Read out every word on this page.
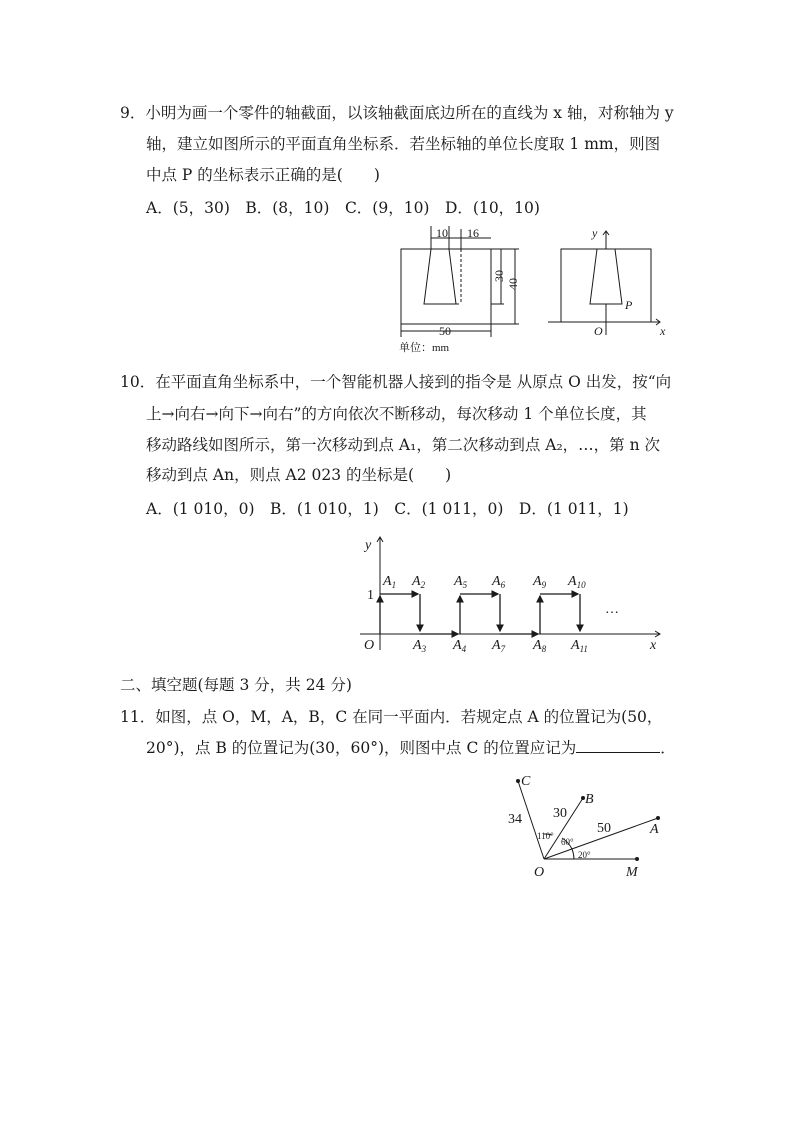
9．小明为画一个零件的轴截面，以该轴截面底边所在的直线为 x 轴，对称轴为 y
轴，建立如图所示的平面直角坐标系．若坐标轴的单位长度取 1 mm，则图
中点 P 的坐标表示正确的是(　　)
A．(5，30)　B．(8，10)　C．(9，10)　D．(10，10)
10 16
30
40
50
单位：mm
y
x
O
P
10．在平面直角坐标系中，一个智能机器人接到的指令是 从原点 O 出发，按“向
上→向右→向下→向右”的方向依次不断移动，每次移动 1 个单位长度，其
移动路线如图所示，第一次移动到点 A₁，第二次移动到点 A₂，…，第 n 次
移动到点 An，则点 A2 023 的坐标是(　　)
A．(1 010，0)　B．(1 010，1)　C．(1 011，0)　D．(1 011，1)
y
x
O
1
$A_1$ $A_2$ $A_5$ $A_6$ $A_9$ $A_{10}$
$A_3$ $A_4$ $A_7$ $A_8$ $A_{11}$
…
二、填空题(每题 3 分，共 24 分)
11．如图，点 O，M，A，B，C 在同一平面内．若规定点 A 的位置记为(50，
20°)，点 B 的位置记为(30，60°)，则图中点 C 的位置应记为	．
C
B
A
O	M
34 30
50
110°
60°
20°
